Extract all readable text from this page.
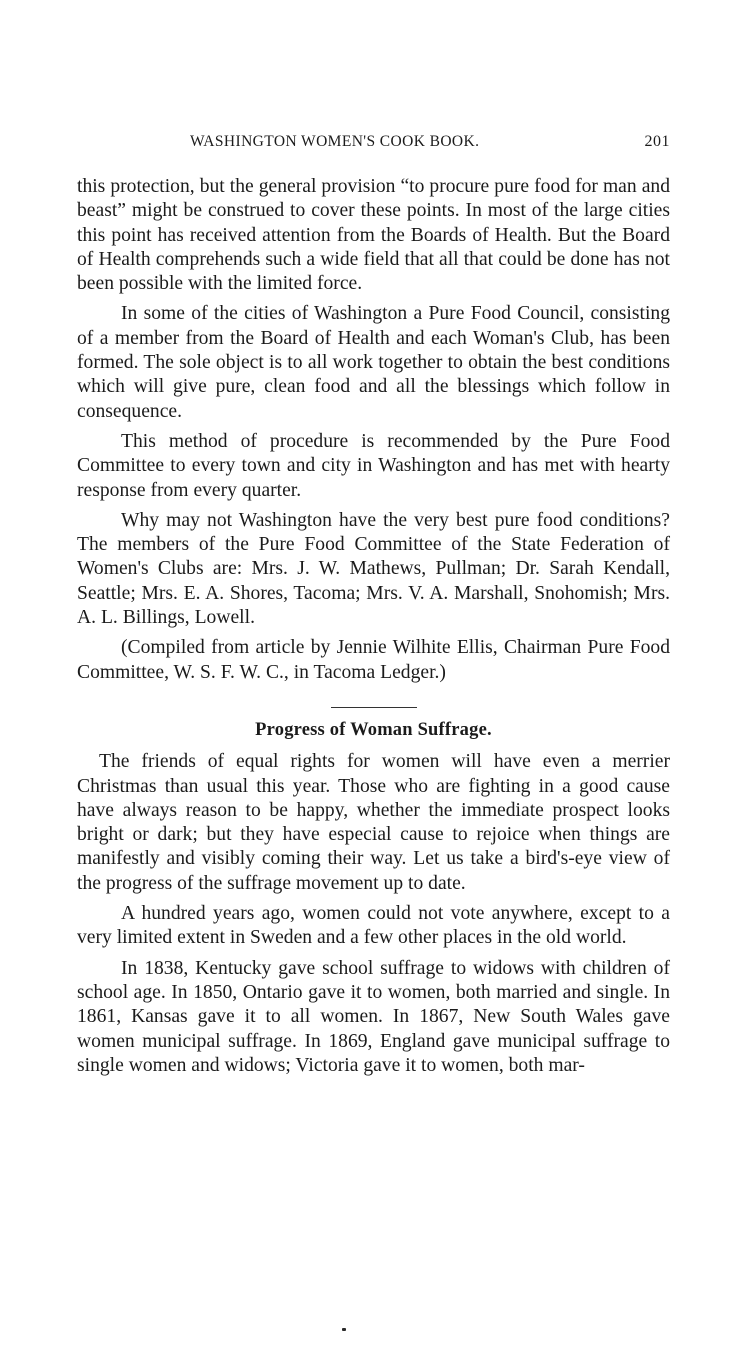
WASHINGTON WOMEN'S COOK BOOK.	201

this protection, but the general provision “to procure pure food for man and beast” might be construed to cover these points. In most of the large cities this point has received attention from the Boards of Health. But the Board of Health comprehends such a wide field that all that could be done has not been possible with the limited force.

In some of the cities of Washington a Pure Food Council, consisting of a member from the Board of Health and each Woman's Club, has been formed. The sole object is to all work together to obtain the best conditions which will give pure, clean food and all the blessings which follow in consequence.

This method of procedure is recommended by the Pure Food Committee to every town and city in Washington and has met with hearty response from every quarter.

Why may not Washington have the very best pure food conditions? The members of the Pure Food Committee of the State Federation of Women's Clubs are: Mrs. J. W. Mathews, Pullman; Dr. Sarah Kendall, Seattle; Mrs. E. A. Shores, Tacoma; Mrs. V. A. Marshall, Snohomish; Mrs. A. L. Billings, Lowell.

(Compiled from article by Jennie Wilhite Ellis, Chairman Pure Food Committee, W. S. F. W. C., in Tacoma Ledger.)

Progress of Woman Suffrage.

The friends of equal rights for women will have even a merrier Christmas than usual this year. Those who are fighting in a good cause have always reason to be happy, whether the immediate prospect looks bright or dark; but they have especial cause to rejoice when things are manifestly and visibly coming their way. Let us take a bird's-eye view of the progress of the suffrage movement up to date.

A hundred years ago, women could not vote anywhere, except to a very limited extent in Sweden and a few other places in the old world.

In 1838, Kentucky gave school suffrage to widows with children of school age. In 1850, Ontario gave it to women, both married and single. In 1861, Kansas gave it to all women. In 1867, New South Wales gave women municipal suffrage. In 1869, England gave municipal suffrage to single women and widows; Victoria gave it to women, both mar-
